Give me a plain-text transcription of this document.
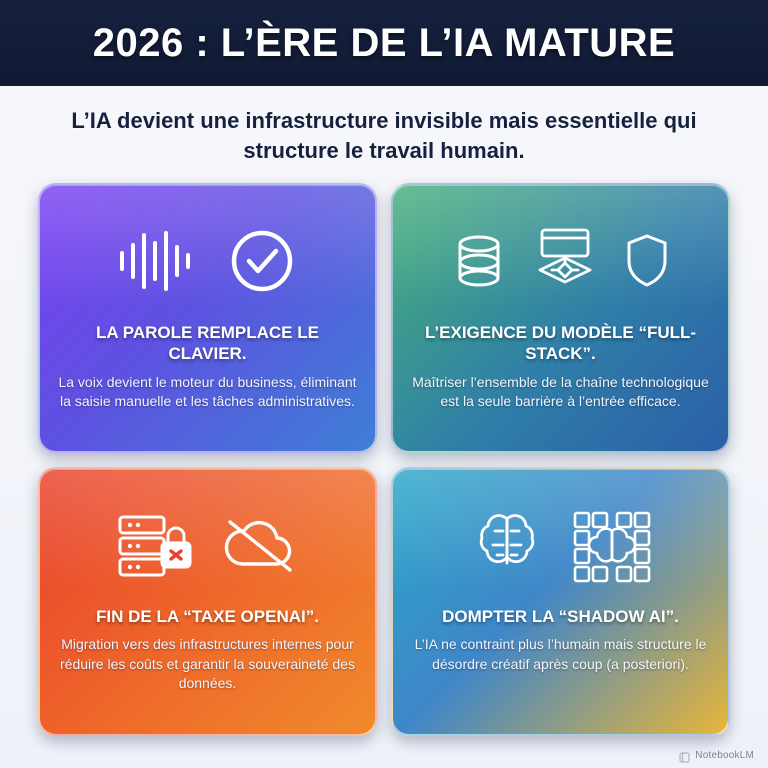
2026 : L’ÈRE DE L’IA MATURE
L’IA devient une infrastructure invisible mais essentielle qui structure le travail humain.
LA PAROLE REMPLACE LE CLAVIER.
La voix devient le moteur du business, éliminant la saisie manuelle et les tâches administratives.
L’EXIGENCE DU MODÈLE “FULL-STACK”.
Maîtriser l’ensemble de la chaîne technologique est la seule barrière à l’entrée efficace.
FIN DE LA “TAXE OPENAI”.
Migration vers des infrastructures internes pour réduire les coûts et garantir la souveraineté des données.
DOMPTER LA “SHADOW AI”.
L’IA ne contraint plus l’humain mais structure le désordre créatif après coup (a posteriori).
NotebookLM
